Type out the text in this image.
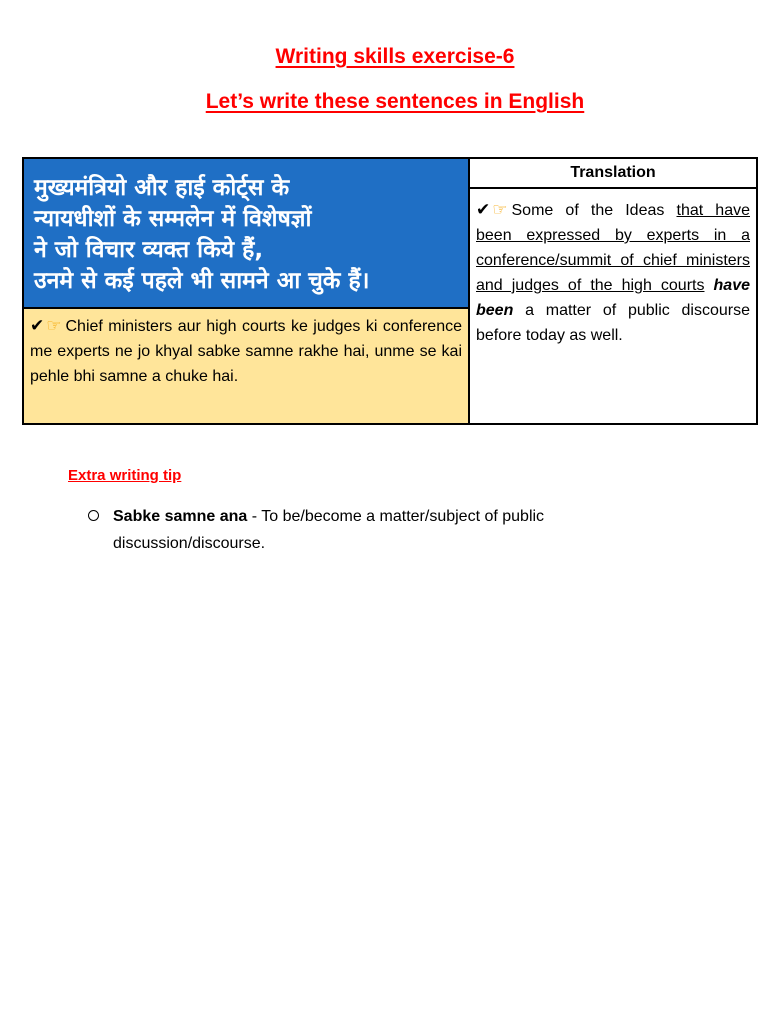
Writing skills exercise-6
Let’s write these sentences in English
मुख्यमंत्रियो और हाई कोर्ट्स के
न्यायधीशों के सम्मलेन में विशेषज्ञों
ने जो विचार व्यक्त किये हैं,
उनमे से कई पहले भी सामने आ चुके हैं।
✔ ☞ Chief ministers aur high courts ke judges ki conference me experts ne jo khyal sabke samne rakhe hai, unme se kai pehle bhi samne a chuke hai.
Translation
✔ ☞ Some of the Ideas that have been expressed by experts in a conference/summit of chief ministers and judges of the high courts have been a matter of public discourse before today as well.
Extra writing tip
Sabke samne ana - To be/become a matter/subject of public discussion/discourse.
